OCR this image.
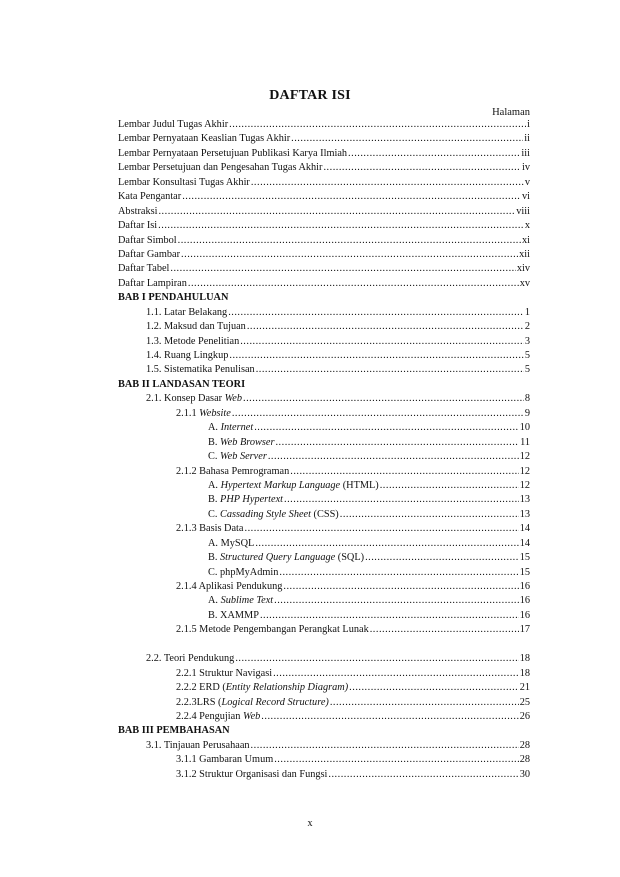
DAFTAR ISI
Halaman
Lembar Judul Tugas Akhir .....	i
Lembar Pernyataan Keaslian Tugas Akhir .....	ii
Lembar Pernyataan Persetujuan Publikasi Karya Ilmiah .....	iii
Lembar Persetujuan dan Pengesahan Tugas Akhir .....	iv
Lembar Konsultasi Tugas Akhir .....	v
Kata Pengantar .....	vi
Abstraksi .....	viii
Daftar Isi .....	x
Daftar Simbol .....	xi
Daftar Gambar .....	xii
Daftar Tabel .....	xiv
Daftar Lampiran .....	xv
BAB I PENDAHULUAN
1.1. Latar Belakang .....	1
1.2. Maksud dan Tujuan .....	2
1.3. Metode Penelitian .....	3
1.4. Ruang Lingkup .....	5
1.5. Sistematika Penulisan .....	5
BAB II LANDASAN TEORI
2.1. Konsep Dasar Web .....	8
2.1.1 Website .....	9
A. Internet .....	10
B. Web Browser .....	11
C. Web Server .....	12
2.1.2 Bahasa Pemrograman .....	12
A. Hypertext Markup Language (HTML) .....	12
B. PHP Hypertext .....	13
C. Cassading Style Sheet (CSS) .....	13
2.1.3 Basis Data .....	14
A. MySQL .....	14
B. Structured Query Language (SQL) .....	15
C. phpMyAdmin .....	15
2.1.4 Aplikasi Pendukung .....	16
A. Sublime Text .....	16
B. XAMMP .....	16
2.1.5 Metode Pengembangan Perangkat Lunak .....	17
2.2. Teori Pendukung .....	18
2.2.1 Struktur Navigasi .....	18
2.2.2 ERD (Entity Relationship Diagram) .....	21
2.2.3LRS (Logical Record Structure) .....	25
2.2.4 Pengujian Web .....	26
BAB III PEMBAHASAN
3.1. Tinjauan Perusahaan .....	28
3.1.1 Gambaran Umum .....	28
3.1.2 Struktur Organisasi dan Fungsi .....	30
x
